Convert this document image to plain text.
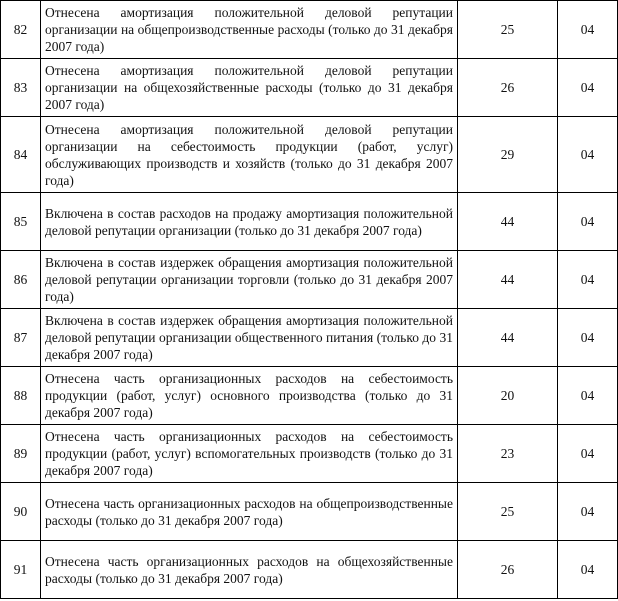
82	Отнесена амортизация положительной деловой репутации организации на общепроизводственные расходы (только до 31 декабря 2007 года)	25	04
83	Отнесена амортизация положительной деловой репутации организации на общехозяйственные расходы (только до 31 декабря 2007 года)	26	04
84	Отнесена амортизация положительной деловой репутации организации на себестоимость продукции (работ, услуг) обслуживающих производств и хозяйств (только до 31 декабря 2007 года)	29	04
85	Включена в состав расходов на продажу амортизация положительной деловой репутации организации (только до 31 декабря 2007 года)	44	04
86	Включена в состав издержек обращения амортизация положительной деловой репутации организации торговли (только до 31 декабря 2007 года)	44	04
87	Включена в состав издержек обращения амортизация положительной деловой репутации организации общественного питания (только до 31 декабря 2007 года)	44	04
88	Отнесена часть организационных расходов на себестоимость продукции (работ, услуг) основного производства (только до 31 декабря 2007 года)	20	04
89	Отнесена часть организационных расходов на себестоимость продукции (работ, услуг) вспомогательных производств (только до 31 декабря 2007 года)	23	04
90	Отнесена часть организационных расходов на общепроизводственные расходы (только до 31 декабря 2007 года)	25	04
91	Отнесена часть организационных расходов на общехозяйственные расходы (только до 31 декабря 2007 года)	26	04
